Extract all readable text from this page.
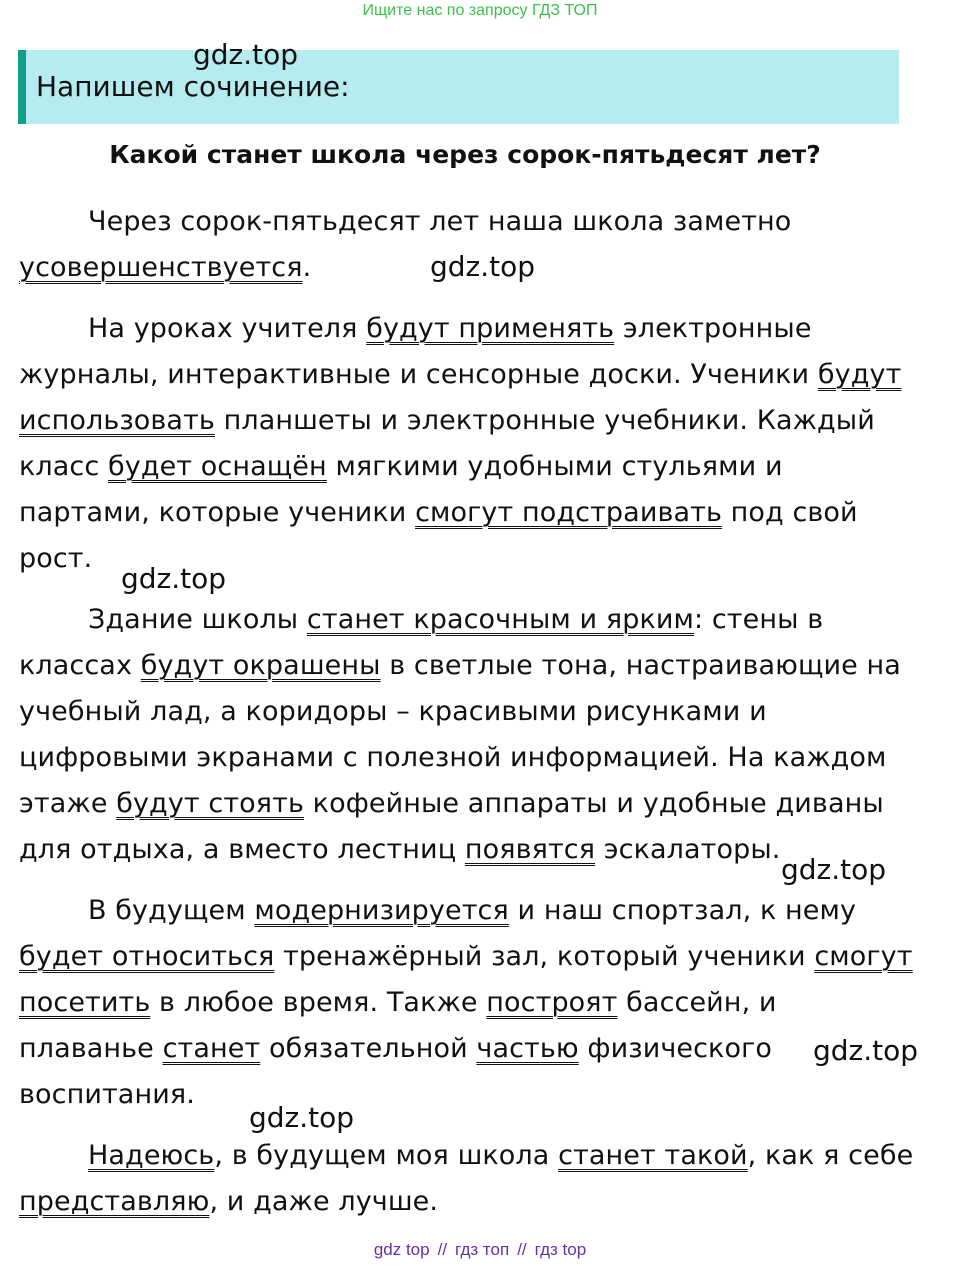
Ищите нас по запросу ГДЗ ТОП
Напишем сочинение:
Какой станет школа через сорок-пятьдесят лет?

Через сорок-пятьдесят лет наша школа заметно усовершенствуется.

На уроках учителя будут применять электронные журналы, интерактивные и сенсорные доски. Ученики будут использовать планшеты и электронные учебники. Каждый класс будет оснащён мягкими удобными стульями и партами, которые ученики смогут подстраивать под свой рост.

Здание школы станет красочным и ярким: стены в классах будут окрашены в светлые тона, настраивающие на учебный лад, а коридоры – красивыми рисунками и цифровыми экранами с полезной информацией. На каждом этаже будут стоять кофейные аппараты и удобные диваны для отдыха, а вместо лестниц появятся эскалаторы.

В будущем модернизируется и наш спортзал, к нему будет относиться тренажёрный зал, который ученики смогут посетить в любое время. Также построят бассейн, и плаванье станет обязательной частью физического воспитания.

Надеюсь, в будущем моя школа станет такой, как я себе представляю, и даже лучше.

gdz.top
gdz.top
gdz.top
gdz.top
gdz.top
gdz.top
gdz top // гдз топ // гдз top
